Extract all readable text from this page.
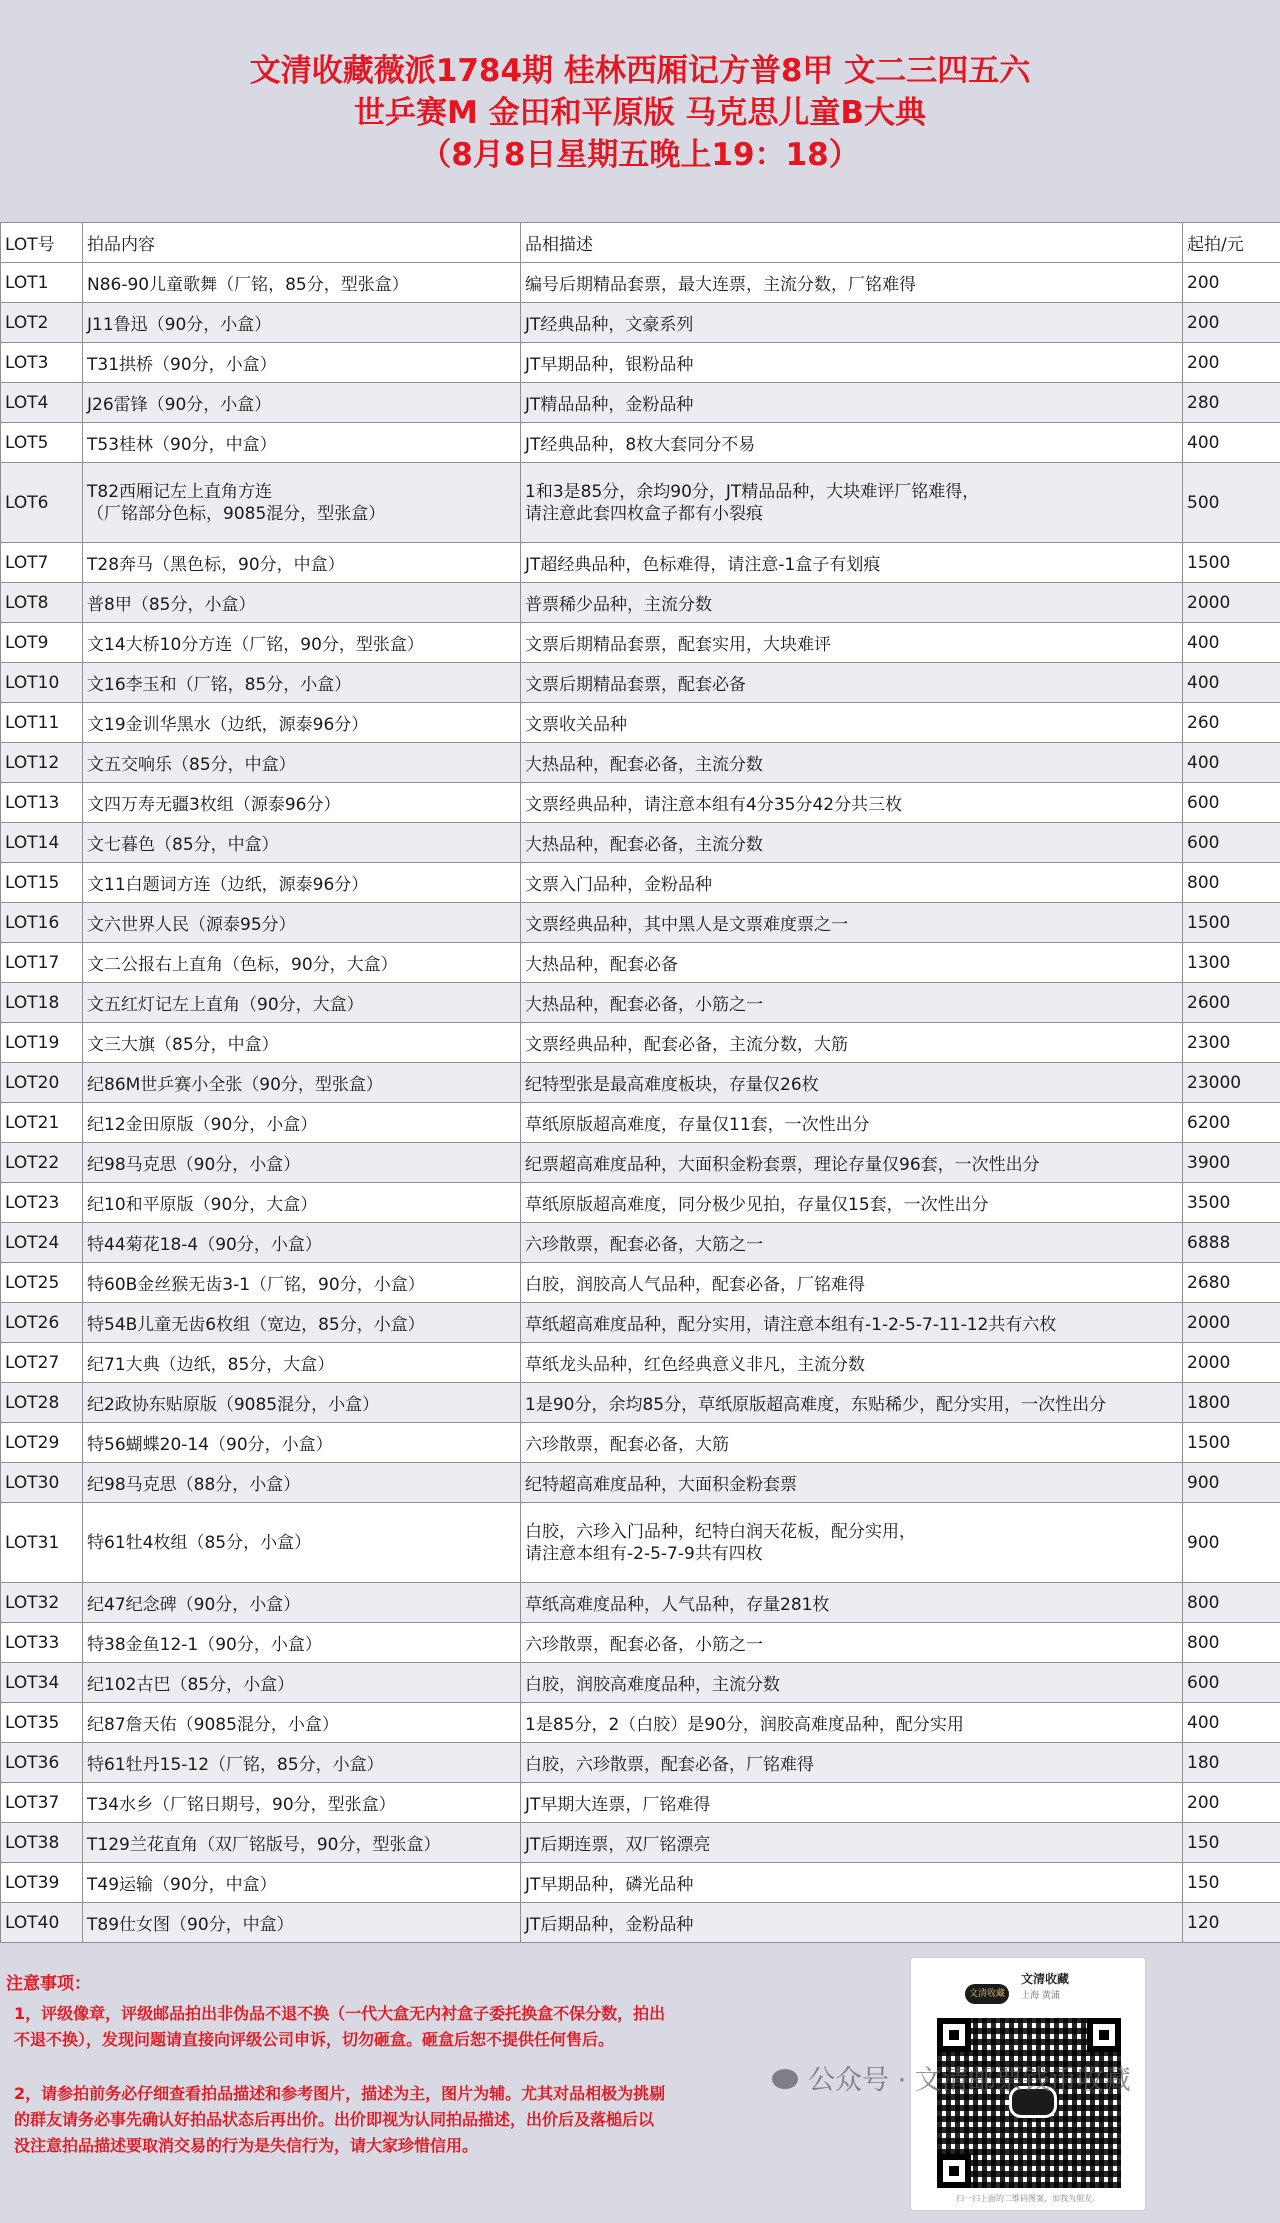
文清收藏薇派1784期 桂林西厢记方普8甲 文二三四五六
世乒赛M 金田和平原版 马克思儿童B大典
（8月8日星期五晚上19：18）
LOT号	拍品内容	品相描述	起拍/元
LOT1	N86-90儿童歌舞（厂铭，85分，型张盒）	编号后期精品套票，最大连票，主流分数，厂铭难得	200
LOT2	J11鲁迅（90分，小盒）	JT经典品种，文豪系列	200
LOT3	T31拱桥（90分，小盒）	JT早期品种，银粉品种	200
LOT4	J26雷锋（90分，小盒）	JT精品品种，金粉品种	280
LOT5	T53桂林（90分，中盒）	JT经典品种，8枚大套同分不易	400
LOT6	T82西厢记左上直角方连
（厂铭部分色标，9085混分，型张盒）	1和3是85分，余均90分，JT精品品种，大块难评厂铭难得，
请注意此套四枚盒子都有小裂痕	500
LOT7	T28奔马（黑色标，90分，中盒）	JT超经典品种，色标难得，请注意-1盒子有划痕	1500
LOT8	普8甲（85分，小盒）	普票稀少品种，主流分数	2000
LOT9	文14大桥10分方连（厂铭，90分，型张盒）	文票后期精品套票，配套实用，大块难评	400
LOT10	文16李玉和（厂铭，85分，小盒）	文票后期精品套票，配套必备	400
LOT11	文19金训华黑水（边纸，源泰96分）	文票收关品种	260
LOT12	文五交响乐（85分，中盒）	大热品种，配套必备，主流分数	400
LOT13	文四万寿无疆3枚组（源泰96分）	文票经典品种，请注意本组有4分35分42分共三枚	600
LOT14	文七暮色（85分，中盒）	大热品种，配套必备，主流分数	600
LOT15	文11白题词方连（边纸，源泰96分）	文票入门品种，金粉品种	800
LOT16	文六世界人民（源泰95分）	文票经典品种，其中黑人是文票难度票之一	1500
LOT17	文二公报右上直角（色标，90分，大盒）	大热品种，配套必备	1300
LOT18	文五红灯记左上直角（90分，大盒）	大热品种，配套必备，小筋之一	2600
LOT19	文三大旗（85分，中盒）	文票经典品种，配套必备，主流分数，大筋	2300
LOT20	纪86M世乒赛小全张（90分，型张盒）	纪特型张是最高难度板块，存量仅26枚	23000
LOT21	纪12金田原版（90分，小盒）	草纸原版超高难度，存量仅11套，一次性出分	6200
LOT22	纪98马克思（90分，小盒）	纪票超高难度品种，大面积金粉套票，理论存量仅96套，一次性出分	3900
LOT23	纪10和平原版（90分，大盒）	草纸原版超高难度，同分极少见拍，存量仅15套，一次性出分	3500
LOT24	特44菊花18-4（90分，小盒）	六珍散票，配套必备，大筋之一	6888
LOT25	特60B金丝猴无齿3-1（厂铭，90分，小盒）	白胶，润胶高人气品种，配套必备，厂铭难得	2680
LOT26	特54B儿童无齿6枚组（宽边，85分，小盒）	草纸超高难度品种，配分实用，请注意本组有-1-2-5-7-11-12共有六枚	2000
LOT27	纪71大典（边纸，85分，大盒）	草纸龙头品种，红色经典意义非凡，主流分数	2000
LOT28	纪2政协东贴原版（9085混分，小盒）	1是90分，余均85分，草纸原版超高难度，东贴稀少，配分实用，一次性出分	1800
LOT29	特56蝴蝶20-14（90分，小盒）	六珍散票，配套必备，大筋	1500
LOT30	纪98马克思（88分，小盒）	纪特超高难度品种，大面积金粉套票	900
LOT31	特61牡4枚组（85分，小盒）	白胶，六珍入门品种，纪特白润天花板，配分实用，
请注意本组有-2-5-7-9共有四枚	900
LOT32	纪47纪念碑（90分，小盒）	草纸高难度品种，人气品种，存量281枚	800
LOT33	特38金鱼12-1（90分，小盒）	六珍散票，配套必备，小筋之一	800
LOT34	纪102古巴（85分，小盒）	白胶，润胶高难度品种，主流分数	600
LOT35	纪87詹天佑（9085混分，小盒）	1是85分，2（白胶）是90分，润胶高难度品种，配分实用	400
LOT36	特61牡丹15-12（厂铭，85分，小盒）	白胶，六珍散票，配套必备，厂铭难得	180
LOT37	T34水乡（厂铭日期号，90分，型张盒）	JT早期大连票，厂铭难得	200
LOT38	T129兰花直角（双厂铭版号，90分，型张盒）	JT后期连票，双厂铭漂亮	150
LOT39	T49运输（90分，中盒）	JT早期品种，磷光品种	150
LOT40	T89仕女图（90分，中盒）	JT后期品种，金粉品种	120
注意事项：
1，评级像章，评级邮品拍出非伪品不退不换（一代大盒无内衬盒子委托换盒不保分数，拍出
不退不换），发现问题请直接向评级公司申诉，切勿砸盒。砸盒后恕不提供任何售后。
2，请参拍前务必仔细查看拍品描述和参考图片，描述为主，图片为辅。尤其对品相极为挑剔
的群友请务必事先确认好拍品状态后再出价。出价即视为认同拍品描述，出价后及落槌后以
没注意拍品描述要取消交易的行为是失信行为，请大家珍惜信用。
文清收藏
文清收藏
上海 黄浦
扫一扫上面的二维码图案，加我为朋友。
公众号 · 文清邮票钱币收藏
